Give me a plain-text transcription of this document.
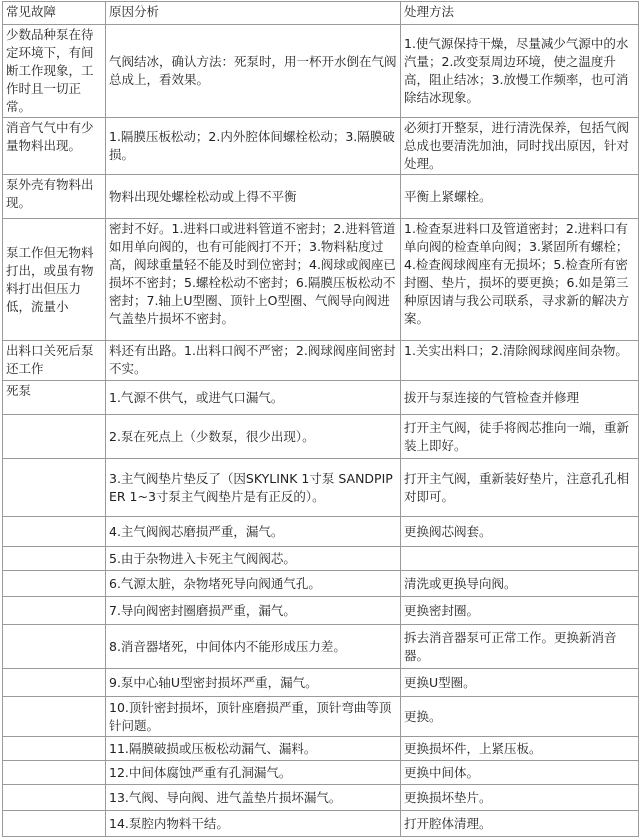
常见故障	原因分析	处理方法
少数品种泵在待定环境下，有间断工作现象，工作时且一切正常。	气阀结冰，确认方法：死泵时，用一杯开水倒在气阀总成上，看效果。	1.使气源保持干燥，尽量减少气源中的水汽量；2.改变泵周边环境，使之温度升高，阻止结冰；3.放慢工作频率，也可消除结冰现象。
消音气气中有少量物料出现。	1.隔膜压板松动；2.内外腔体间螺栓松动；3.隔膜破损。	必须打开整泵，进行清洗保养，包括气阀总成也要清洗加油，同时找出原因，针对处理。
泵外壳有物料出现。	物料出现处螺栓松动或上得不平衡	平衡上紧螺栓。
泵工作但无物料打出，或虽有物料打出但压力低，流量小	密封不好。1.进料口或进料管道不密封；2.进料管道如用单向阀的，也有可能阀打不开；3.物料粘度过高，阀球重量轻不能及时到位密封；4.阀球或阀座已损坏不密封；5.螺栓松动不密封；6.隔膜压板松动不密封；7.轴上U型圈、顶针上O型圈、气阀导向阀进气盖垫片损坏不密封。	1.检查泵进料口及管道密封；2.进料口有单向阀的检查单向阀；3.紧固所有螺栓；4.检查阀球阀座有无损坏；5.检查所有密封圈、垫片，损坏的要更换；6.如是第三种原因请与我公司联系，寻求新的解决方案。
出料口关死后泵还工作	料还有出路。1.出料口阀不严密；2.阀球阀座间密封不实。	1.关实出料口；2.清除阀球阀座间杂物。
死泵	1.气源不供气，或进气口漏气。	拔开与泵连接的气管检查并修理
	2.泵在死点上（少数泵，很少出现）。	打开主气阀，徒手将阀芯推向一端，重新装上即好。
	3.主气阀垫片垫反了（因SKYLINK 1寸泵 SANDPIPER 1~3寸泵主气阀垫片是有正反的）。	打开主气阀，重新装好垫片，注意孔孔相对即可。
	4.主气阀阀芯磨损严重，漏气。	更换阀芯阀套。
	5.由于杂物进入卡死主气阀阀芯。	
	6.气源太脏，杂物堵死导向阀通气孔。	清洗或更换导向阀。
	7.导向阀密封圈磨损严重，漏气。	更换密封圈。
	8.消音器堵死，中间体内不能形成压力差。	拆去消音器泵可正常工作。更换新消音器。
	9.泵中心轴U型密封损坏严重，漏气。	更换U型圈。
	10.顶针密封损坏，顶针座磨损严重，顶针弯曲等顶针问题。	更换。
	11.隔膜破损或压板松动漏气、漏料。	更换损坏件，上紧压板。
	12.中间体腐蚀严重有孔洞漏气。	更换中间体。
	13.气阀、导向阀、进气盖垫片损坏漏气。	更换损坏垫片。
	14.泵腔内物料干结。	打开腔体清理。
